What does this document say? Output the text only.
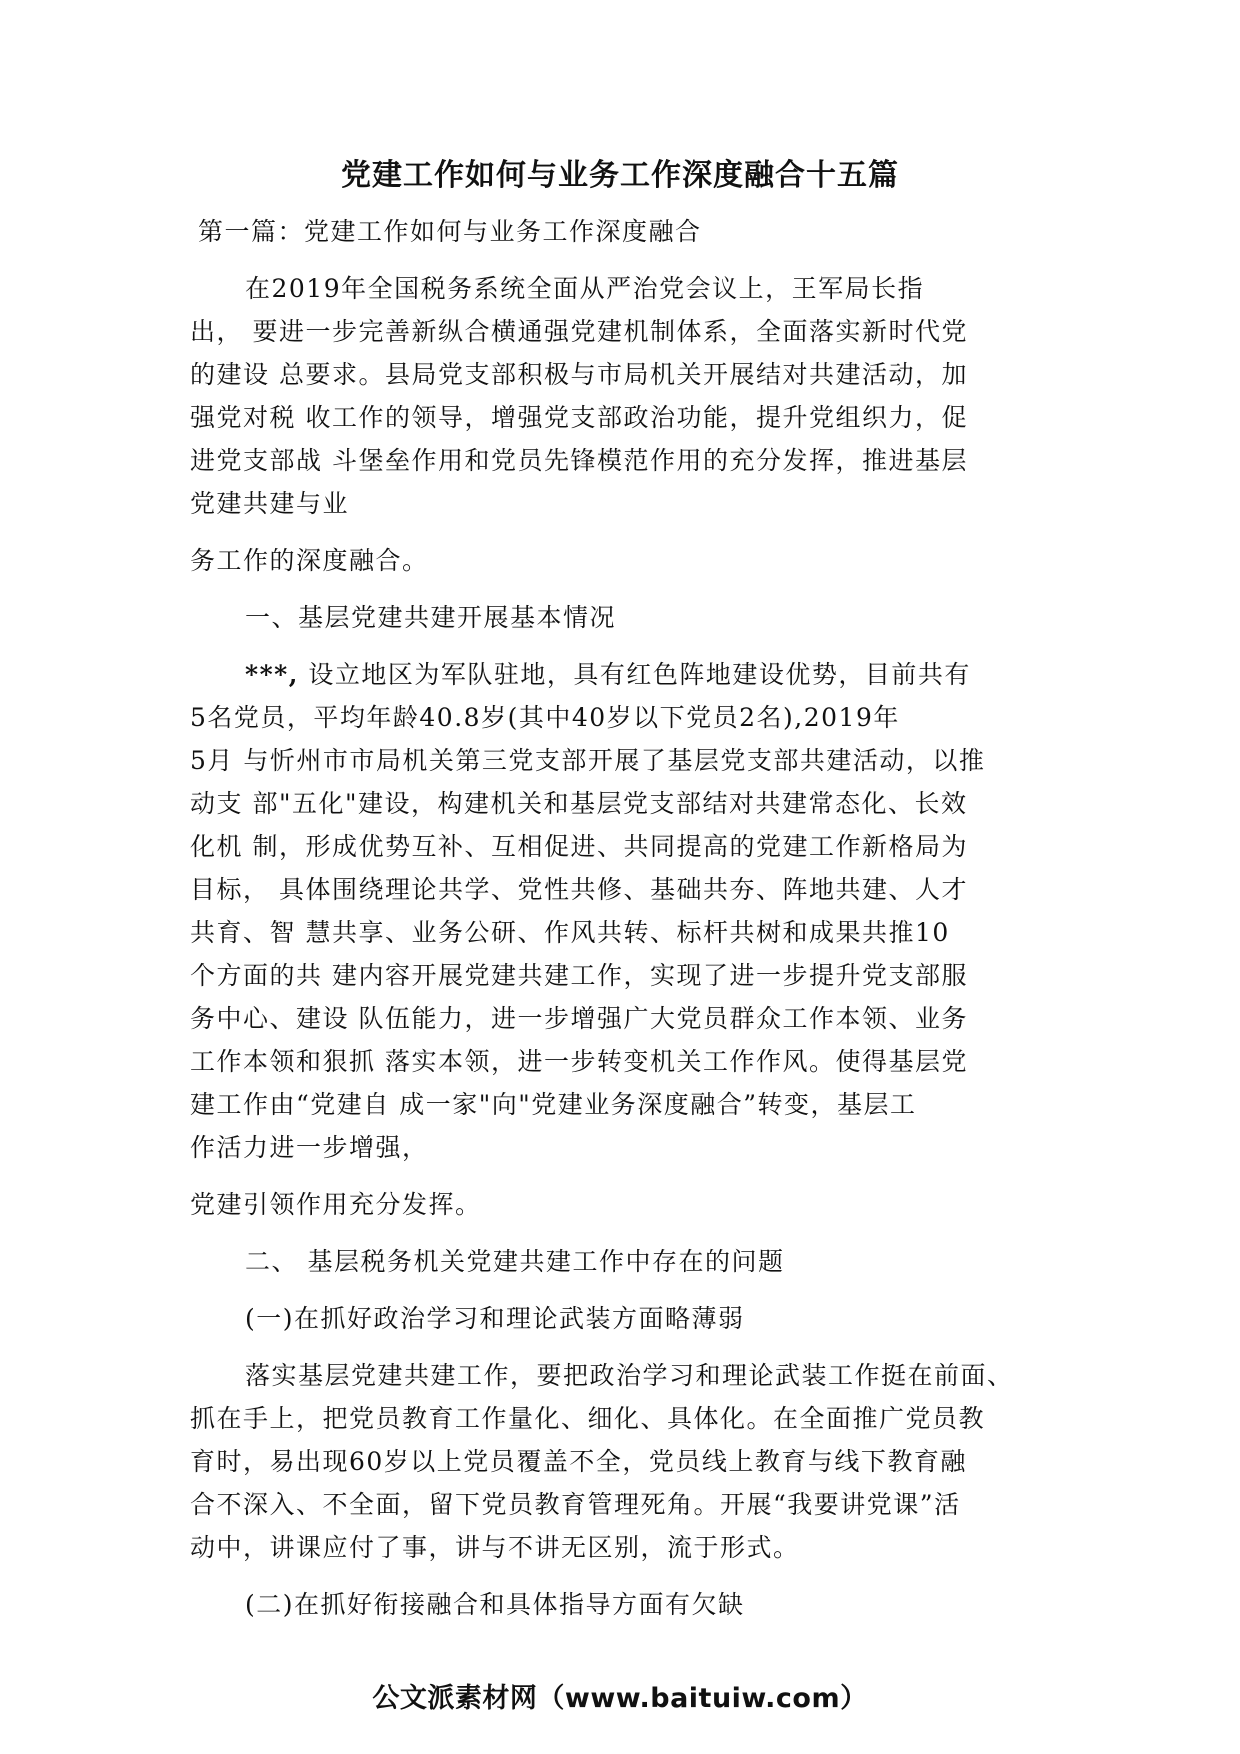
党建工作如何与业务工作深度融合十五篇

第一篇：党建工作如何与业务工作深度融合

在2019年全国税务系统全面从严治党会议上，王军局长指

出， 要进一步完善新纵合横通强党建机制体系，全面落实新时代党
的建设 总要求。县局党支部积极与市局机关开展结对共建活动，加
强党对税 收工作的领导，增强党支部政治功能，提升党组织力，促
进党支部战 斗堡垒作用和党员先锋模范作用的充分发挥，推进基层
党建共建与业

务工作的深度融合。

一、基层党建共建开展基本情况

***, 设立地区为军队驻地，具有红色阵地建设优势，目前共有

5名党员，平均年龄40.8岁(其中40岁以下党员2名),2019年
5月 与忻州市市局机关第三党支部开展了基层党支部共建活动，以推
动支 部"五化"建设，构建机关和基层党支部结对共建常态化、长效
化机 制，形成优势互补、互相促进、共同提高的党建工作新格局为
目标， 具体围绕理论共学、党性共修、基础共夯、阵地共建、人才
共育、智 慧共享、业务公研、作风共转、标杆共树和成果共推10
个方面的共 建内容开展党建共建工作，实现了进一步提升党支部服
务中心、建设 队伍能力，进一步增强广大党员群众工作本领、业务
工作本领和狠抓 落实本领，进一步转变机关工作作风。使得基层党
建工作由“党建自 成一家"向"党建业务深度融合”转变，基层工
作活力进一步增强，

党建引领作用充分发挥。

二、 基层税务机关党建共建工作中存在的问题

(一)在抓好政治学习和理论武装方面略薄弱

落实基层党建共建工作，要把政治学习和理论武装工作挺在前面、

抓在手上，把党员教育工作量化、细化、具体化。在全面推广党员教
育时，易出现60岁以上党员覆盖不全，党员线上教育与线下教育融
合不深入、不全面，留下党员教育管理死角。开展“我要讲党课”活
动中，讲课应付了事，讲与不讲无区别，流于形式。

(二)在抓好衔接融合和具体指导方面有欠缺

公文派素材网（www.baituiw.com）
